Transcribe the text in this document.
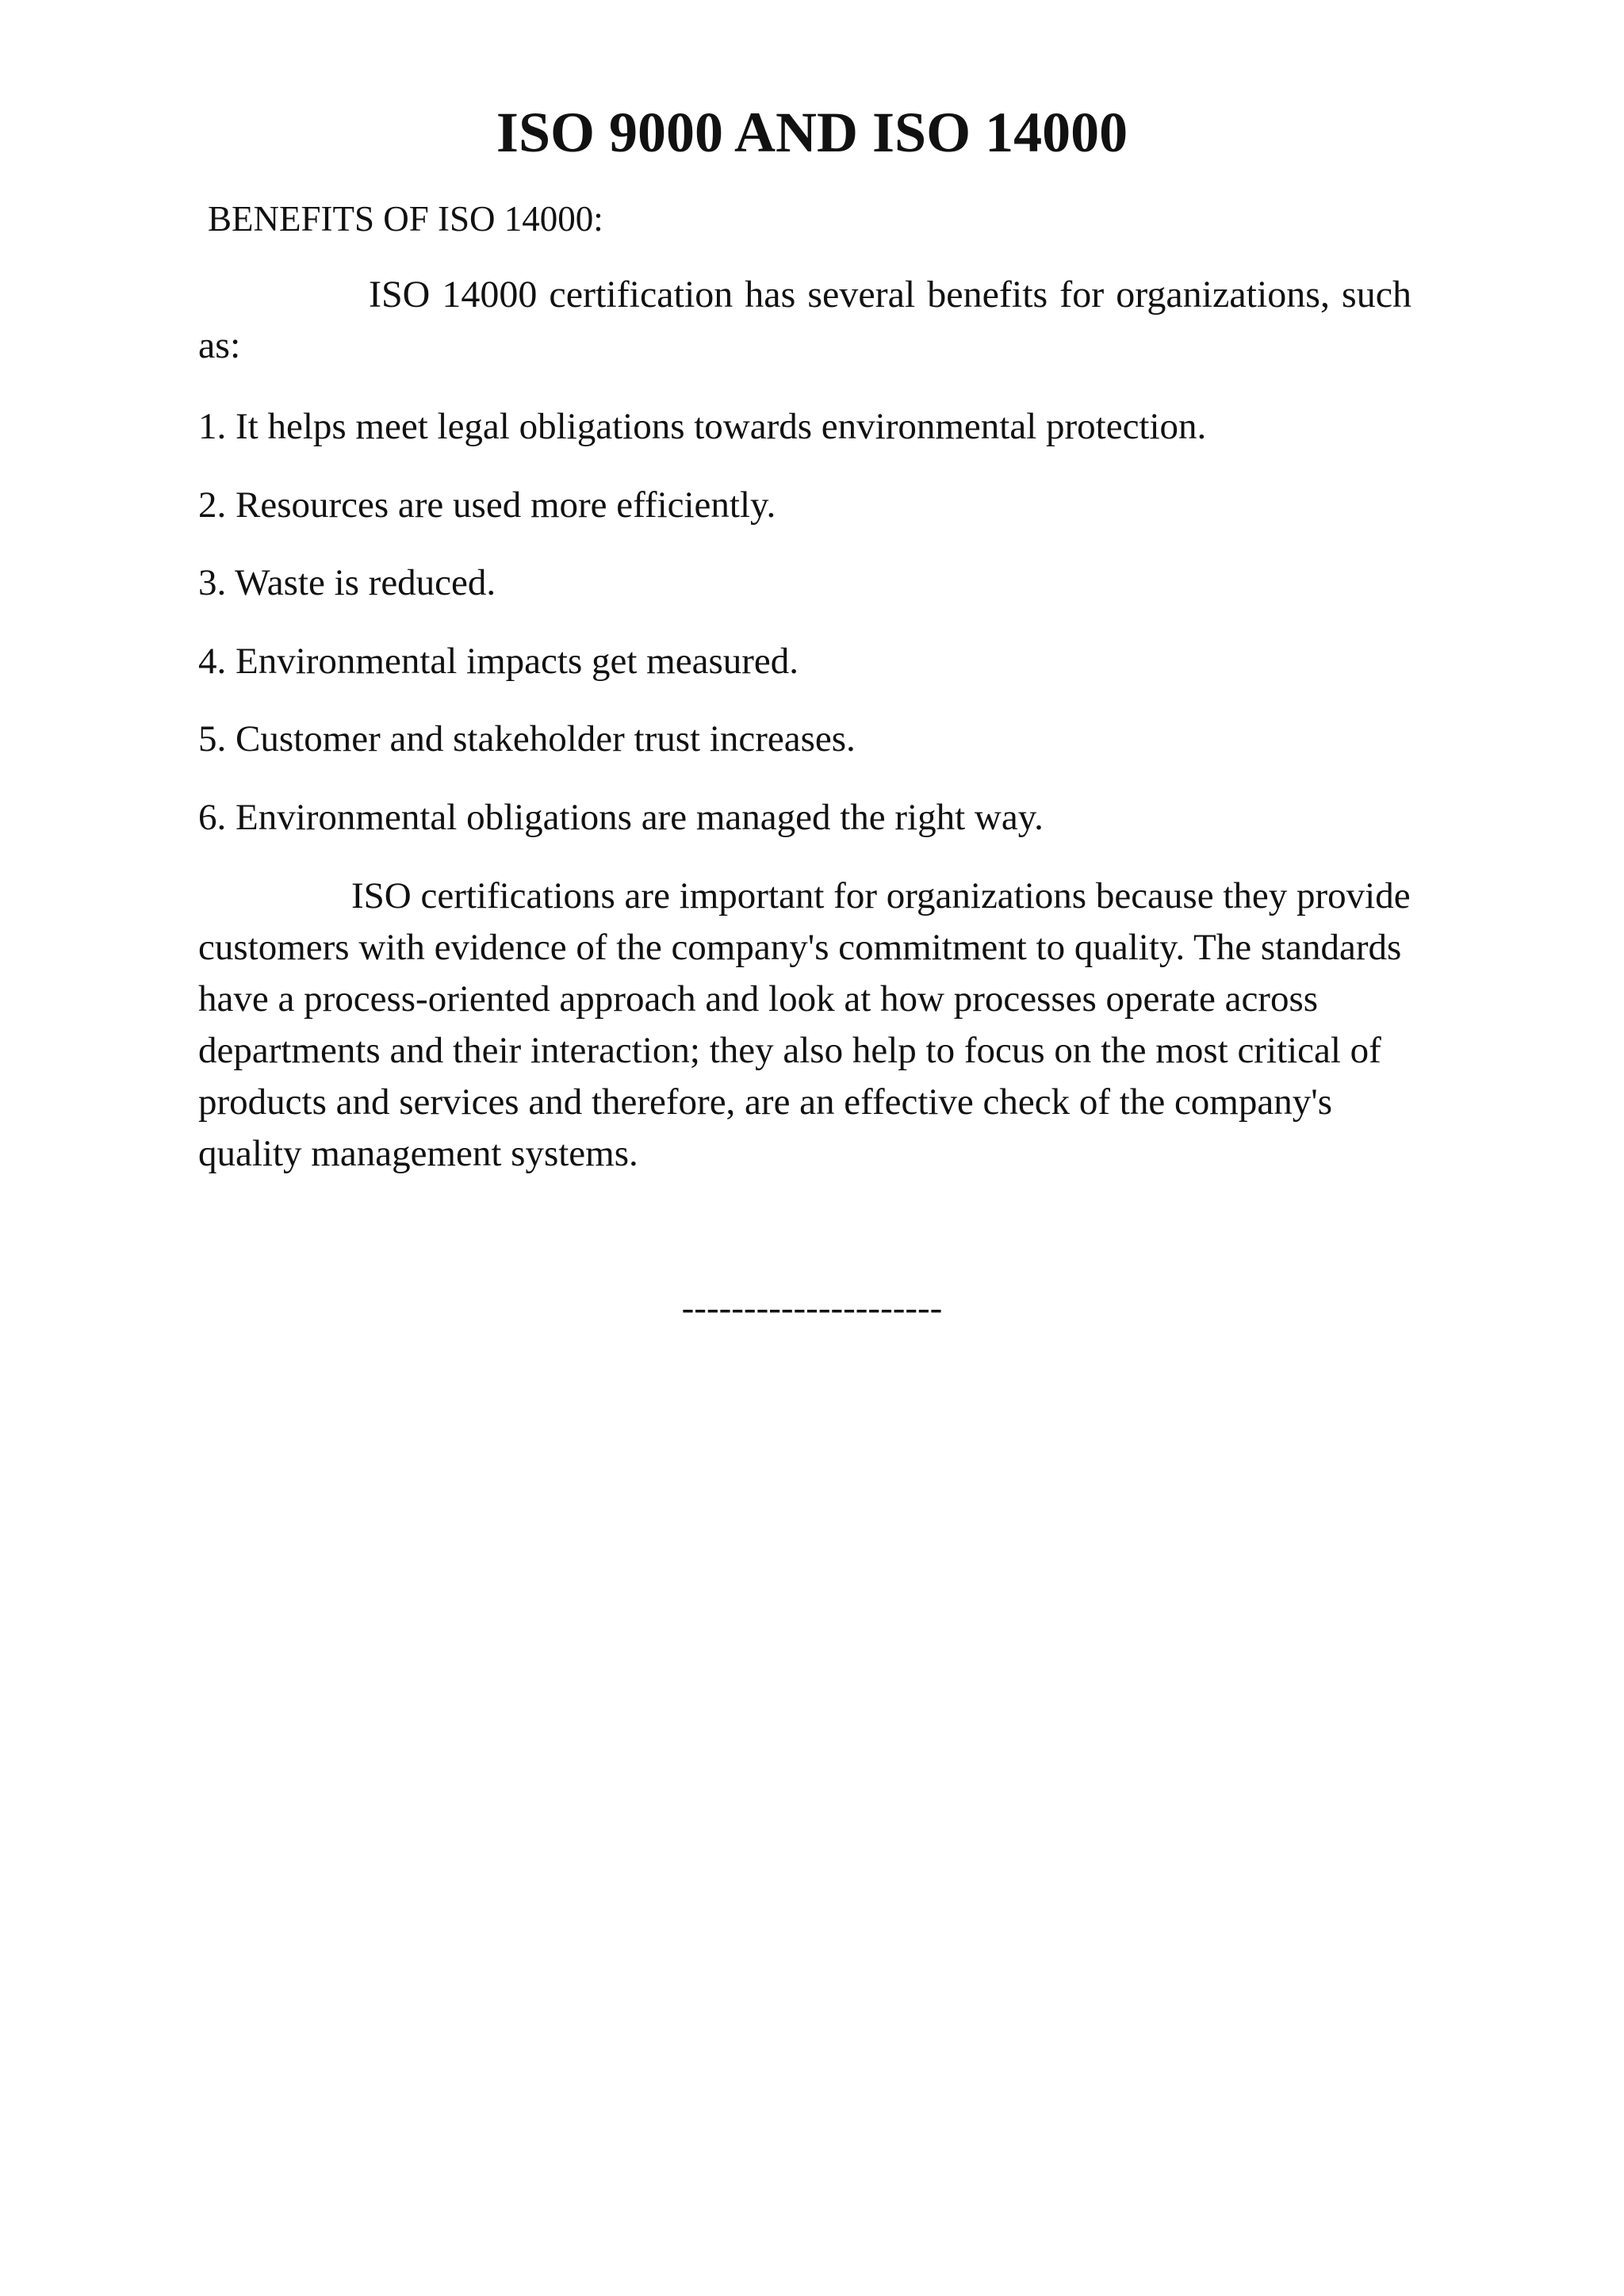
ISO 9000 AND ISO 14000

BENEFITS OF ISO 14000:

ISO 14000 certification has several benefits for organizations, such as:

1. It helps meet legal obligations towards environmental protection.
2. Resources are used more efficiently.
3. Waste is reduced.
4. Environmental impacts get measured.
5. Customer and stakeholder trust increases.
6. Environmental obligations are managed the right way.

ISO certifications are important for organizations because they provide customers with evidence of the company's commitment to quality. The standards have a process-oriented approach and look at how processes operate across departments and their interaction; they also help to focus on the most critical of products and services and therefore, are an effective check of the company's quality management systems.

---------------------
